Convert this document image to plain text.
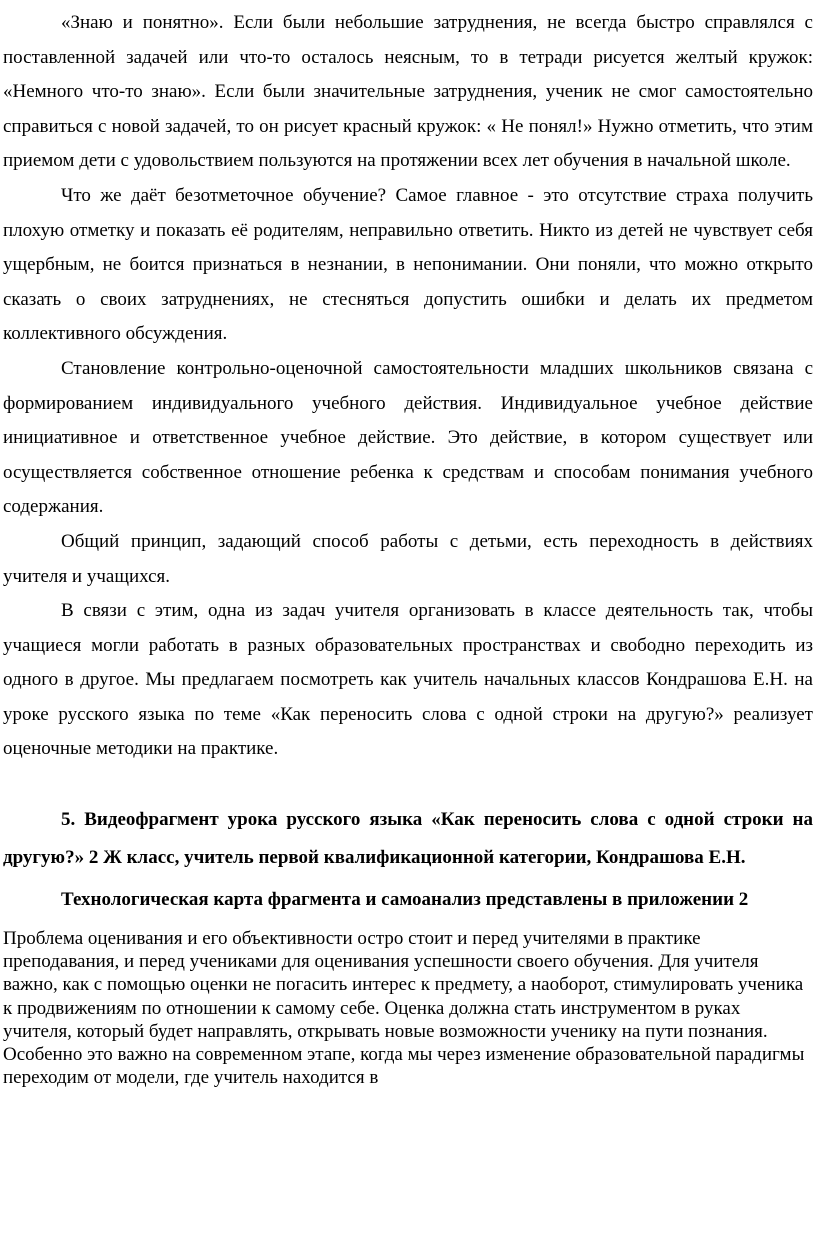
«Знаю и понятно». Если были небольшие затруднения, не всегда быстро справлялся с поставленной задачей или что-то осталось неясным, то в тетради рисуется желтый кружок: «Немного что-то знаю». Если были значительные затруднения, ученик не смог самостоятельно справиться с новой задачей, то он рисует красный кружок: « Не понял!» Нужно отметить, что этим приемом дети с удовольствием пользуются на протяжении всех лет обучения в начальной школе.

Что же даёт безотметочное обучение? Самое главное - это отсутствие страха получить плохую отметку и показать её родителям, неправильно ответить. Никто из детей не чувствует себя ущербным, не боится признаться в незнании, в непонимании. Они поняли, что можно открыто сказать о своих затруднениях, не стесняться допустить ошибки и делать их предметом коллективного обсуждения.

Становление контрольно-оценочной самостоятельности младших школьников связана с формированием индивидуального учебного действия. Индивидуальное учебное действие инициативное и ответственное учебное действие. Это действие, в котором существует или осуществляется собственное отношение ребенка к средствам и способам понимания учебного содержания.

Общий принцип, задающий способ работы с детьми, есть переходность в действиях учителя и учащихся.

В связи с этим, одна из задач учителя организовать в классе деятельность так, чтобы учащиеся могли работать в разных образовательных пространствах и свободно переходить из одного в другое. Мы предлагаем посмотреть как учитель начальных классов Кондрашова Е.Н. на уроке русского языка по теме «Как переносить слова с одной строки на другую?» реализует оценочные методики на практике.

5. Видеофрагмент урока русского языка «Как переносить слова с одной строки на другую?» 2 Ж класс, учитель первой квалификационной категории, Кондрашова Е.Н.

Технологическая карта фрагмента и самоанализ представлены в приложении 2

Проблема оценивания и его объективности остро стоит и перед учителями в практике преподавания, и перед учениками для оценивания успешности своего обучения. Для учителя важно, как с помощью оценки не погасить интерес к предмету, а наоборот, стимулировать ученика к продвижениям по отношении к самому себе. Оценка должна стать инструментом в руках учителя, который будет направлять, открывать новые возможности ученику на пути познания. Особенно это важно на современном этапе, когда мы через изменение образовательной парадигмы переходим от модели, где учитель находится в
